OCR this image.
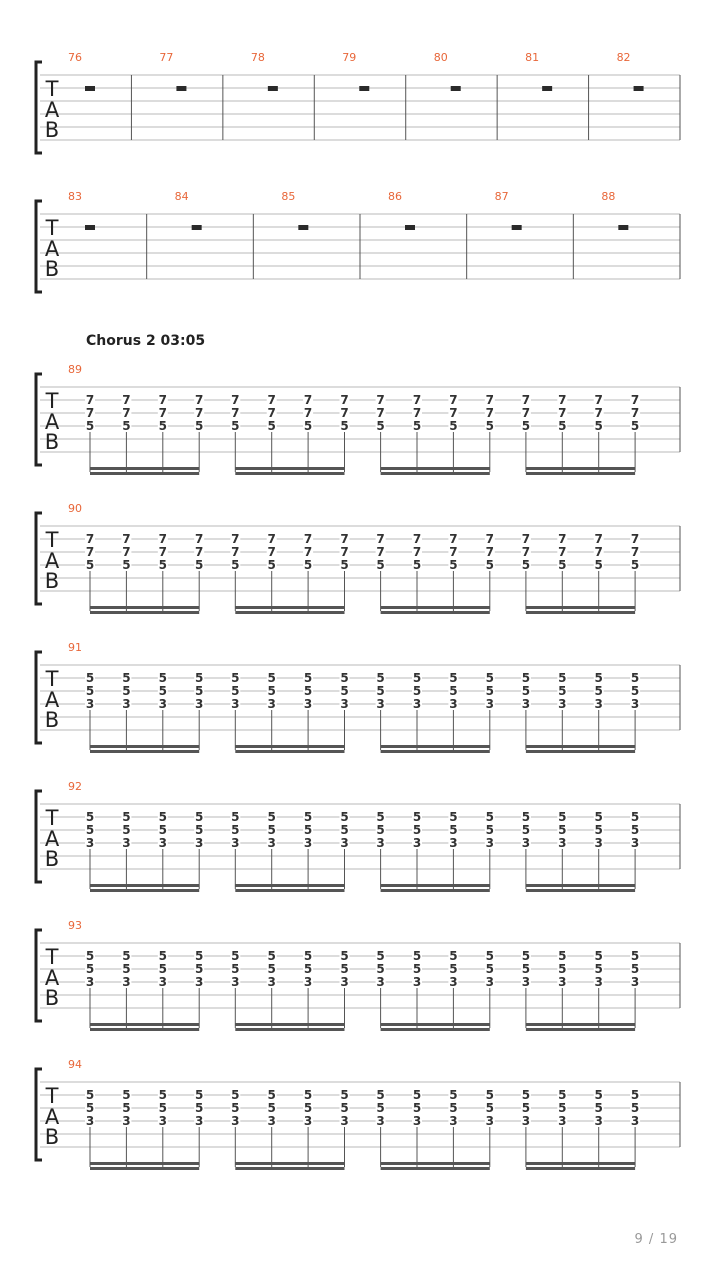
T
A
B
76	77	78	79	80	81	82
T
A
B
83	84	85	86	87	88
Chorus 2 03:05
T
A
B
89
7
7
5
7
7
5
7
7
5
7
7
5
7
7
5
7
7
5
7
7
5
7
7
5
7
7
5
7
7
5
7
7
5
7
7
5
7
7
5
7
7
5
7
7
5
7
7
5
T
A
B
90
7
7
5
7
7
5
7
7
5
7
7
5
7
7
5
7
7
5
7
7
5
7
7
5
7
7
5
7
7
5
7
7
5
7
7
5
7
7
5
7
7
5
7
7
5
7
7
5
T
A
B
91
5
5
3
5
5
3
5
5
3
5
5
3
5
5
3
5
5
3
5
5
3
5
5
3
5
5
3
5
5
3
5
5
3
5
5
3
5
5
3
5
5
3
5
5
3
5
5
3
T
A
B
92
5
5
3
5
5
3
5
5
3
5
5
3
5
5
3
5
5
3
5
5
3
5
5
3
5
5
3
5
5
3
5
5
3
5
5
3
5
5
3
5
5
3
5
5
3
5
5
3
T
A
B
93
5
5
3
5
5
3
5
5
3
5
5
3
5
5
3
5
5
3
5
5
3
5
5
3
5
5
3
5
5
3
5
5
3
5
5
3
5
5
3
5
5
3
5
5
3
5
5
3
T
A
B
94
5
5
3
5
5
3
5
5
3
5
5
3
5
5
3
5
5
3
5
5
3
5
5
3
5
5
3
5
5
3
5
5
3
5
5
3
5
5
3
5
5
3
5
5
3
5
5
3
9 / 19
